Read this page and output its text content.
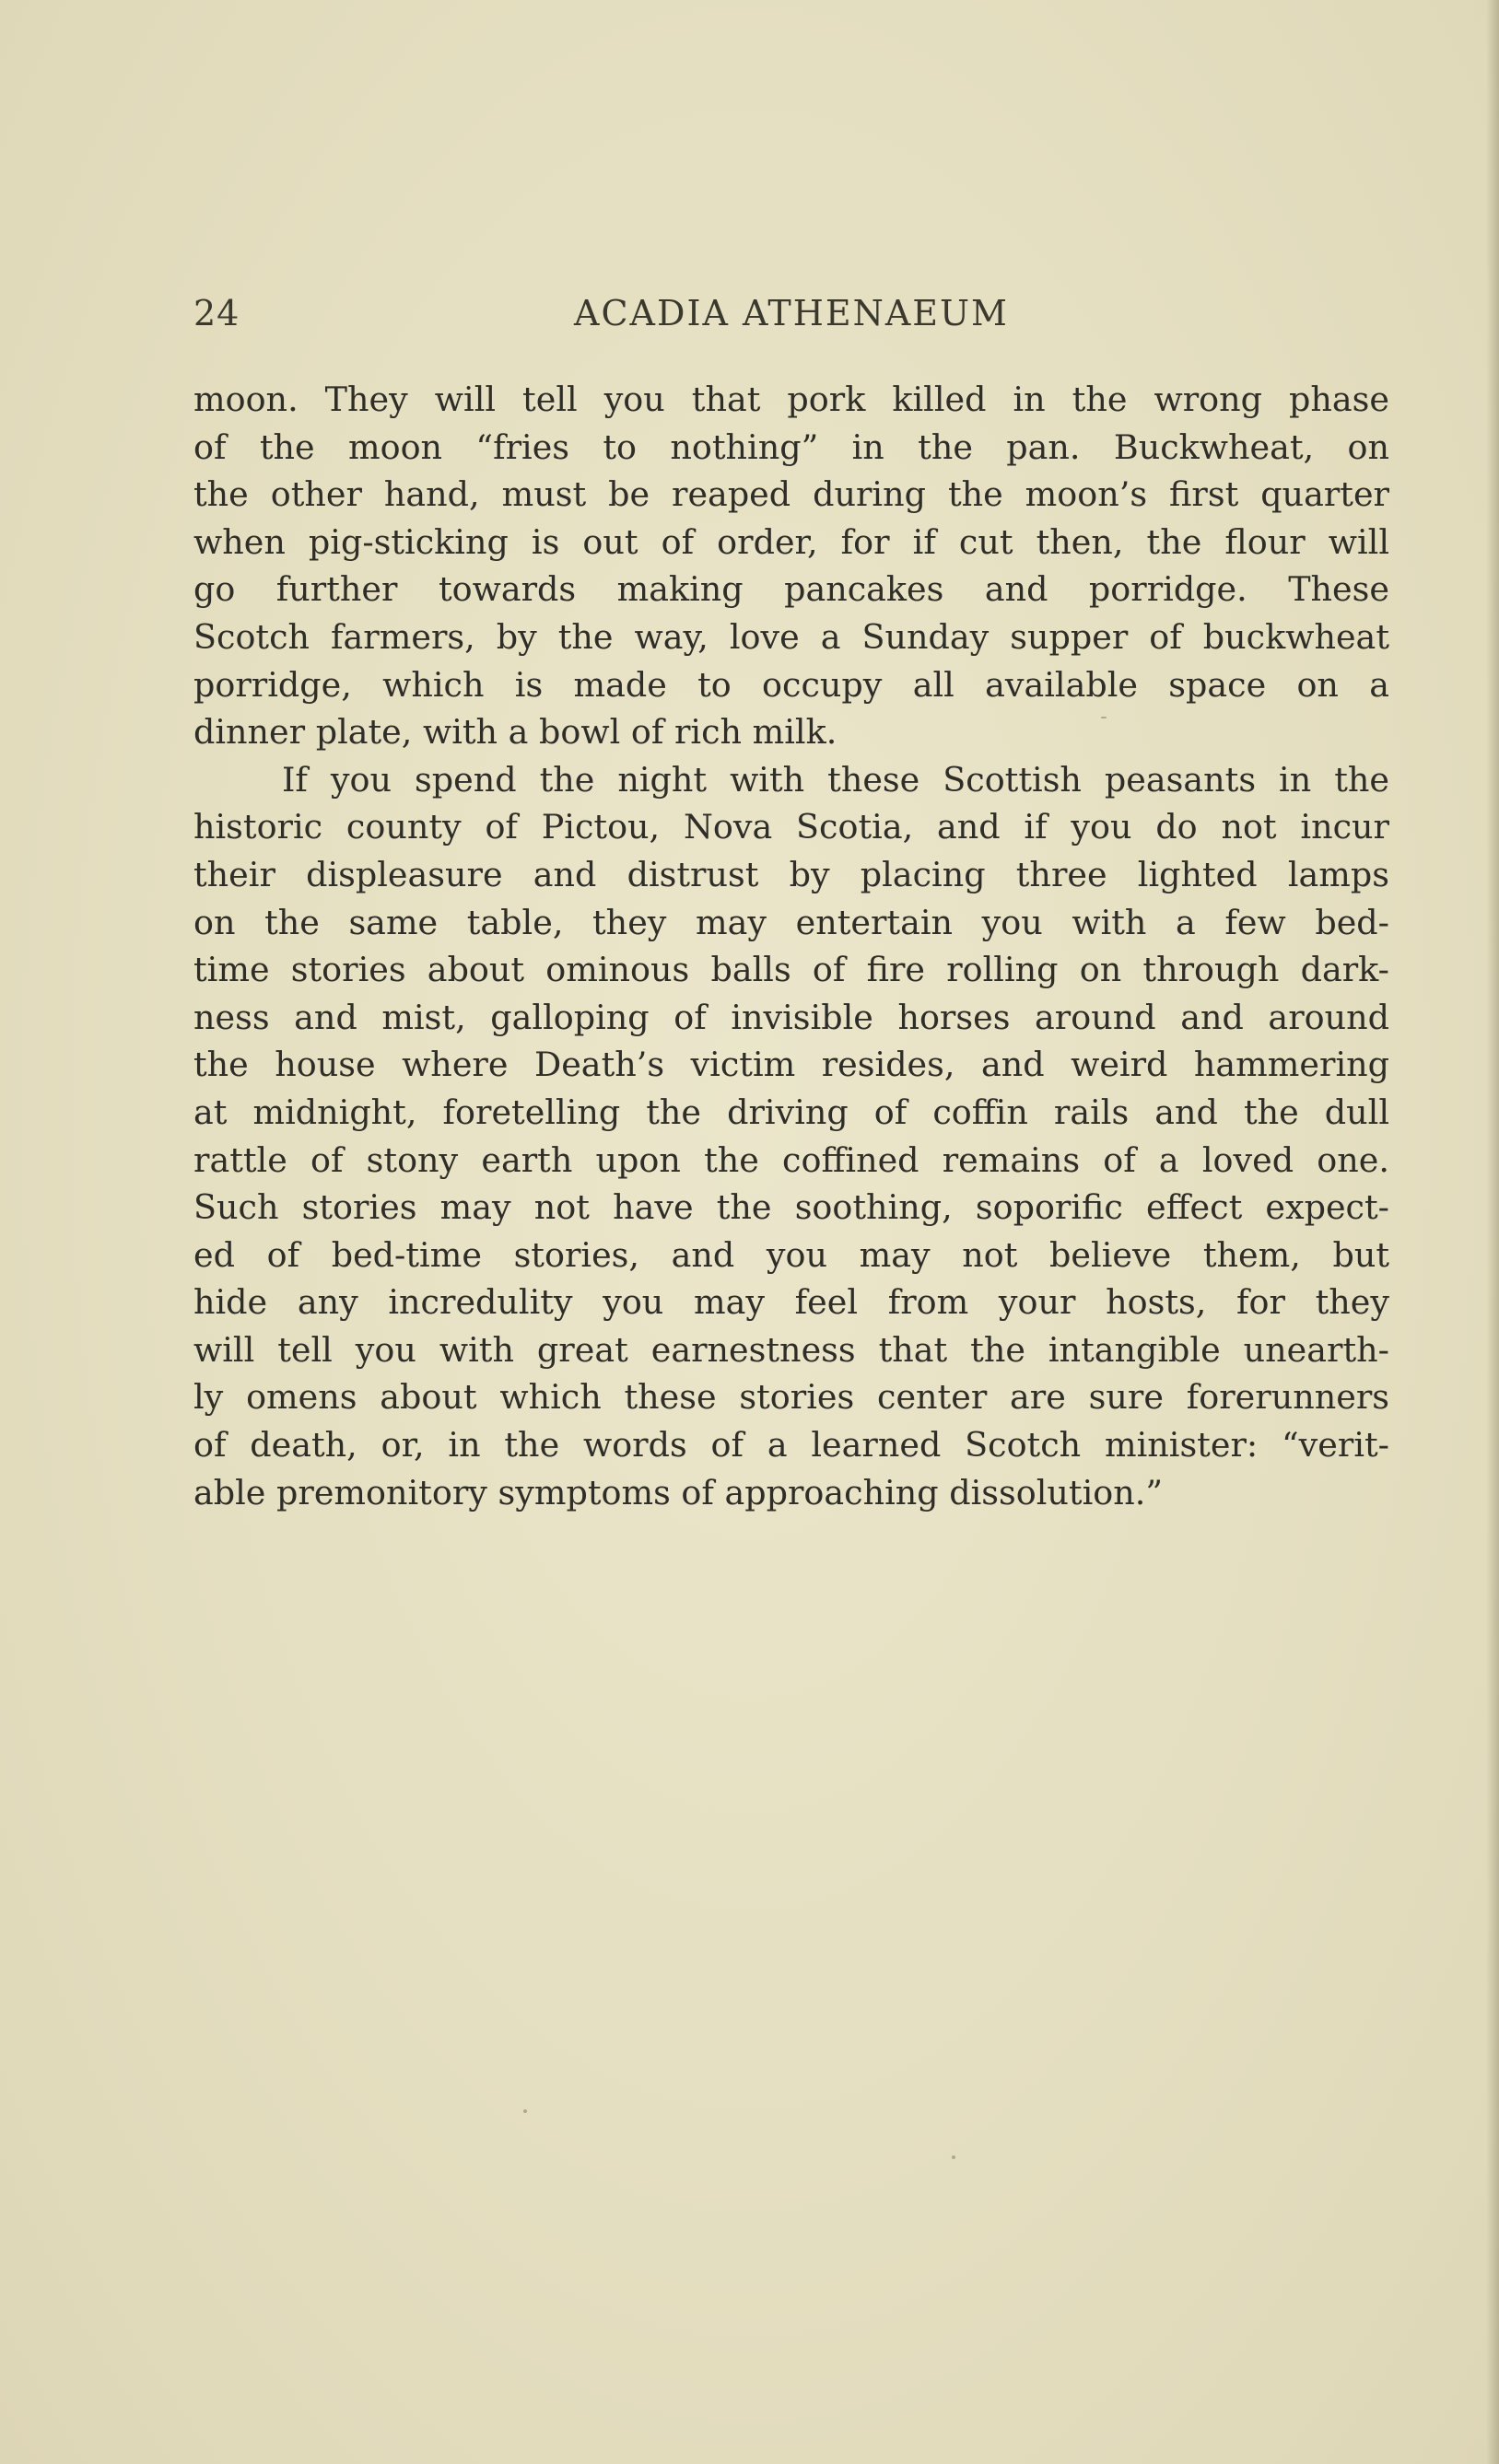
24	ACADIA ATHENAEUM
moon. They will tell you that pork killed in the wrong phase
of the moon “fries to nothing” in the pan. Buckwheat, on
the other hand, must be reaped during the moon’s first quarter
when pig-sticking is out of order, for if cut then, the flour will
go further towards making pancakes and porridge. These
Scotch farmers, by the way, love a Sunday supper of buckwheat
porridge, which is made to occupy all available space on a
dinner plate, with a bowl of rich milk.
If you spend the night with these Scottish peasants in the
historic county of Pictou, Nova Scotia, and if you do not incur
their displeasure and distrust by placing three lighted lamps
on the same table, they may entertain you with a few bed-
time stories about ominous balls of fire rolling on through dark-
ness and mist, galloping of invisible horses around and around
the house where Death’s victim resides, and weird hammering
at midnight, foretelling the driving of coffin rails and the dull
rattle of stony earth upon the coffined remains of a loved one.
Such stories may not have the soothing, soporific effect expect-
ed of bed-time stories, and you may not believe them, but
hide any incredulity you may feel from your hosts, for they
will tell you with great earnestness that the intangible unearth-
ly omens about which these stories center are sure forerunners
of death, or, in the words of a learned Scotch minister: “verit-
able premonitory symptoms of approaching dissolution.”
